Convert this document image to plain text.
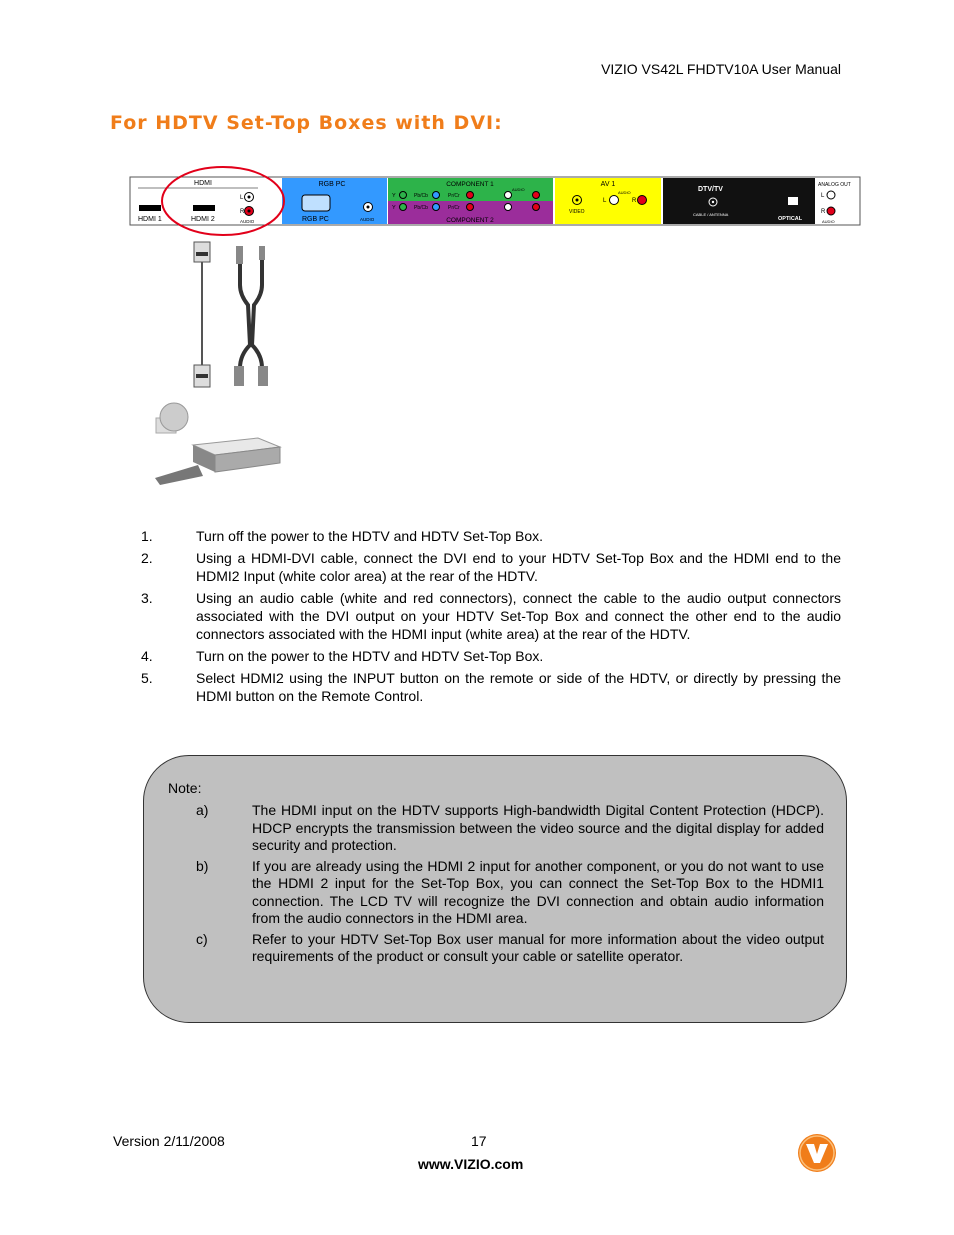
VIZIO VS42L FHDTV10A User Manual
For HDTV Set-Top Boxes with DVI:
HDMI
HDMI 1	HDMI 2
L
R
AUDIO
RGB PC
RGB PC	AUDIO
COMPONENT 1
COMPONENT 2
Y	Pb/Cb	Pr/Cr
AUDIO
Y	Pb/Cb	Pr/Cr
AV 1
VIDEO
L
AUDIO
R
DTV/TV
CABLE / ANTENNA
OPTICAL
ANALOG OUT
L
R
AUDIO
1.	Turn off the power to the HDTV and HDTV Set-Top Box.
2.	Using a HDMI-DVI cable, connect the DVI end to your HDTV Set-Top Box and the HDMI end to the HDMI2 Input (white color area) at the rear of the HDTV.
3.	Using an audio cable (white and red connectors), connect the cable to the audio output connectors associated with the DVI output on your HDTV Set-Top Box and connect the other end to the audio connectors associated with the HDMI input (white area) at the rear of the HDTV.
4.	Turn on the power to the HDTV and HDTV Set-Top Box.
5.	Select HDMI2 using the INPUT button on the remote or side of the HDTV, or directly by pressing the HDMI button on the Remote Control.
Note:
a)	The HDMI input on the HDTV supports High-bandwidth Digital Content Protection (HDCP). HDCP encrypts the transmission between the video source and the digital display for added security and protection.
b)	If you are already using the HDMI 2 input for another component, or you do not want to use the HDMI 2 input for the Set-Top Box, you can connect the Set-Top Box to the HDMI1 connection. The LCD TV will recognize the DVI connection and obtain audio information from the audio connectors in the HDMI area.
c)	Refer to your HDTV Set-Top Box user manual for more information about the video output requirements of the product or consult your cable or satellite operator.
Version 2/11/2008	17
www.VIZIO.com
